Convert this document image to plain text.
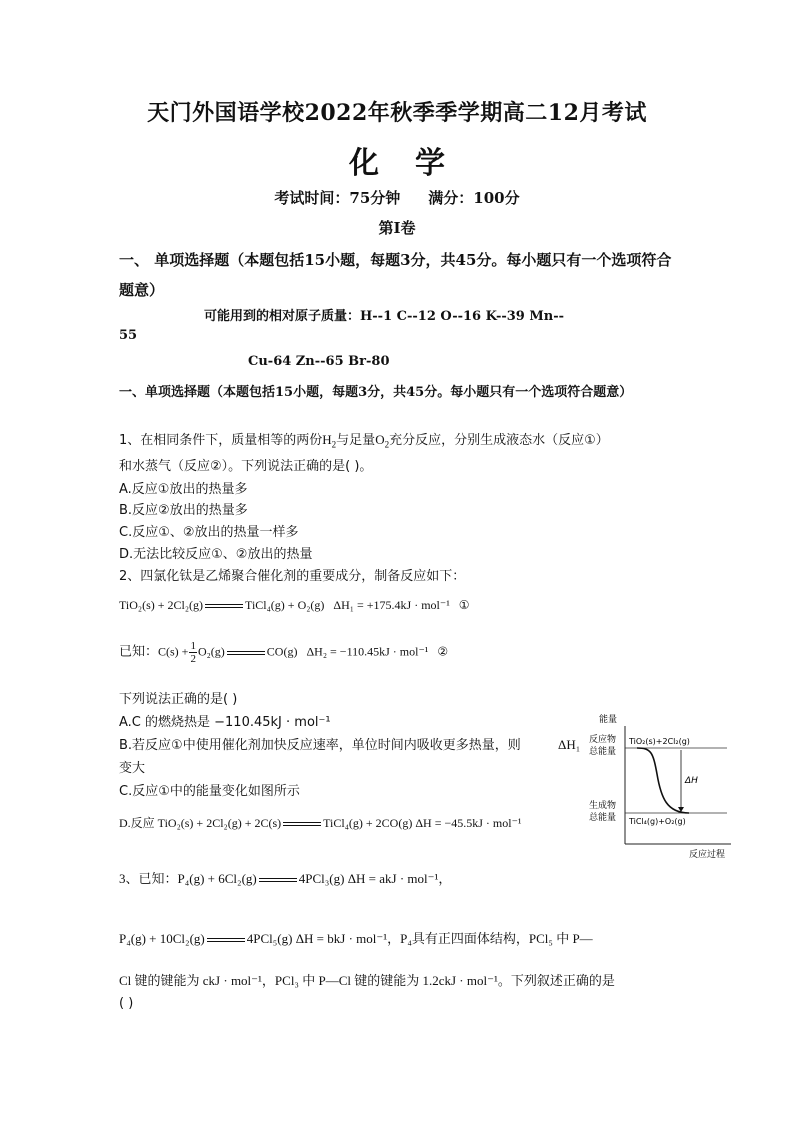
天门外国语学校2022年秋季季学期高二12月考试
化 学
考试时间：75分钟 满分：100分
第I卷
一、 单项选择题（本题包括15小题，每题3分，共45分。每小题只有一个选项符合题意）
可能用到的相对原子质量：H--1 C--12 O--16 K--39 Mn--
55
Cu-64 Zn--65 Br-80
一、单项选择题（本题包括15小题，每题3分，共45分。每小题只有一个选项符合题意）
1、在相同条件下，质量相等的两份$H_2$与足量$O_2$充分反应，分别生成液态水（反应①）
和水蒸气（反应②）。下列说法正确的是( )。
A.反应①放出的热量多
B.反应②放出的热量多
C.反应①、②放出的热量一样多
D.无法比较反应①、②放出的热量
2、四氯化钛是乙烯聚合催化剂的重要成分，制备反应如下：
TiO₂(s) + 2Cl₂(g)	TiCl₄(g) + O₂(g) ΔH₁ = +175.4kJ · mol⁻¹ ①
已知：$C(s) + \frac{1}{2} O_2(g)$	CO(g) ΔH₂ = −110.45kJ · mol⁻¹ ②
下列说法正确的是( )
A.C 的燃烧热是 −110.45kJ · mol⁻¹
B.若反应①中使用催化剂加快反应速率，单位时间内吸收更多热量，则	ΔH₁
变大
C.反应①中的能量变化如图所示
D.反应 TiO₂(s) + 2Cl₂(g) + 2C(s)	TiCl₄(g) + 2CO(g) ΔH = −45.5kJ · mol⁻¹
能量
反应物
总能量
生成物
总能量
TiO₂(s)+2Cl₂(g)
TiCl₄(g)+O₂(g)
ΔH
反应过程
3、已知：P₄(g) + 6Cl₂(g)	4PCl₃(g) ΔH = akJ · mol⁻¹，
P₄(g) + 10Cl₂(g)	4PCl₅(g) ΔH = bkJ · mol⁻¹，P₄具有正四面体结构，PCl₅ 中 P—
Cl 键的键能为 ckJ · mol⁻¹，PCl₃ 中 P—Cl 键的键能为 1.2ckJ · mol⁻¹。下列叙述正确的是
( )
